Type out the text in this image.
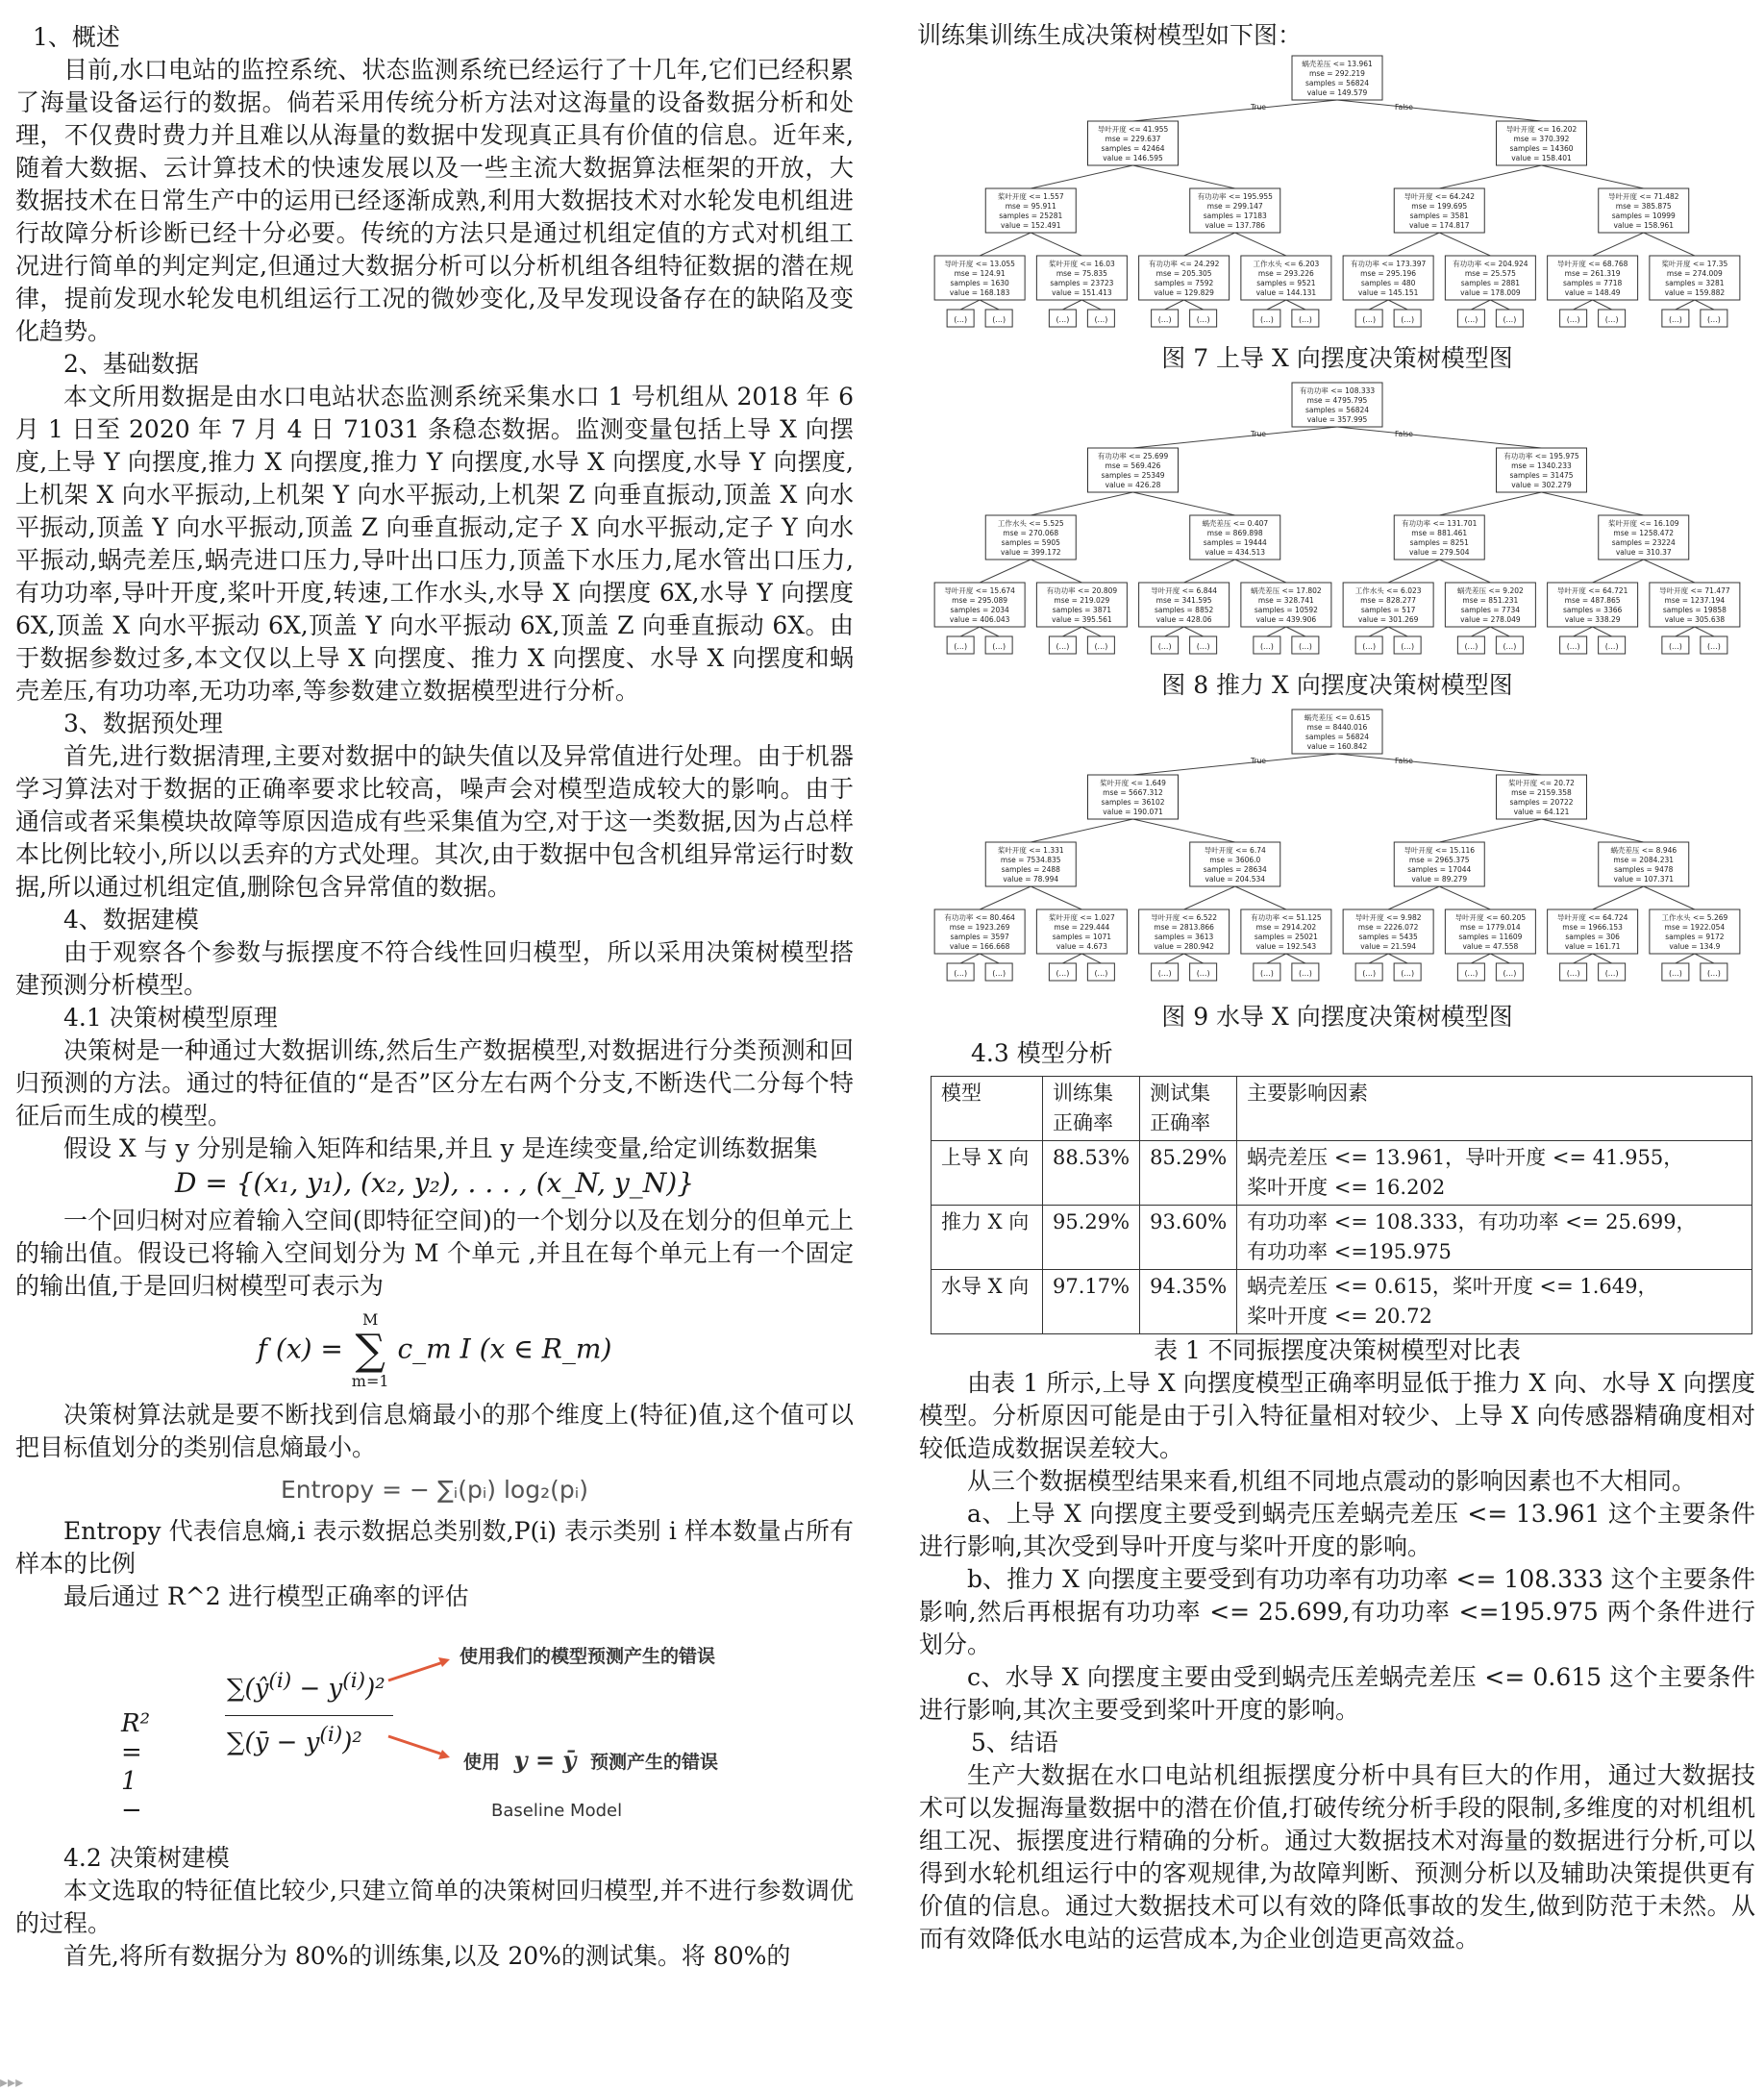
1、概述

目前,水口电站的监控系统、状态监测系统已经运行了十几年,它们已经积累了海量设备运行的数据。倘若采用传统分析方法对这海量的设备数据分析和处理，不仅费时费力并且难以从海量的数据中发现真正具有价值的信息。近年来,随着大数据、云计算技术的快速发展以及一些主流大数据算法框架的开放，大数据技术在日常生产中的运用已经逐渐成熟,利用大数据技术对水轮发电机组进行故障分析诊断已经十分必要。传统的方法只是通过机组定值的方式对机组工况进行简单的判定判定,但通过大数据分析可以分析机组各组特征数据的潜在规律，提前发现水轮发电机组运行工况的微妙变化,及早发现设备存在的缺陷及变化趋势。

2、基础数据

本文所用数据是由水口电站状态监测系统采集水口 1 号机组从 2018 年 6 月 1 日至 2020 年 7 月 4 日 71031 条稳态数据。监测变量包括上导 X 向摆度,上导 Y 向摆度,推力 X 向摆度,推力 Y 向摆度,水导 X 向摆度,水导 Y 向摆度,上机架 X 向水平振动,上机架 Y 向水平振动,上机架 Z 向垂直振动,顶盖 X 向水平振动,顶盖 Y 向水平振动,顶盖 Z 向垂直振动,定子 X 向水平振动,定子 Y 向水平振动,蜗壳差压,蜗壳进口压力,导叶出口压力,顶盖下水压力,尾水管出口压力,有功功率,导叶开度,桨叶开度,转速,工作水头,水导 X 向摆度 6X,水导 Y 向摆度 6X,顶盖 X 向水平振动 6X,顶盖 Y 向水平振动 6X,顶盖 Z 向垂直振动 6X。由于数据参数过多,本文仅以上导 X 向摆度、推力 X 向摆度、水导 X 向摆度和蜗壳差压,有功功率,无功功率,等参数建立数据模型进行分析。

3、数据预处理

首先,进行数据清理,主要对数据中的缺失值以及异常值进行处理。由于机器学习算法对于数据的正确率要求比较高，噪声会对模型造成较大的影响。由于通信或者采集模块故障等原因造成有些采集值为空,对于这一类数据,因为占总样本比例比较小,所以以丢弃的方式处理。其次,由于数据中包含机组异常运行时数据,所以通过机组定值,删除包含异常值的数据。

4、数据建模

由于观察各个参数与振摆度不符合线性回归模型，所以采用决策树模型搭建预测分析模型。

4.1 决策树模型原理

决策树是一种通过大数据训练,然后生产数据模型,对数据进行分类预测和回归预测的方法。通过的特征值的“是否”区分左右两个分支,不断迭代二分每个特征后而生成的模型。

假设 X 与 y 分别是输入矩阵和结果,并且 y 是连续变量,给定训练数据集

D = {(x₁, y₁), (x₂, y₂), . . . , (x_N, y_N)}

一个回归树对应着输入空间(即特征空间)的一个划分以及在划分的但单元上的输出值。假设已将输入空间划分为 M 个单元 ,并且在每个单元上有一个固定的输出值,于是回归树模型可表示为

f (x) =
M
∑
m=1
c_m I (x ∈ R_m)

决策树算法就是要不断找到信息熵最小的那个维度上(特征)值,这个值可以把目标值划分的类别信息熵最小。

Entropy = − ∑ᵢ(pᵢ) log₂(pᵢ)

Entropy 代表信息熵,i 表示数据总类别数,P(i) 表示类别 i 样本数量占所有样本的比例

最后通过 R^2 进行模型正确率的评估

R² = 1 −
$\sum(ŷ^{(i)} - y^{(i)})^2$
∑(ȳ − $y^{(i)})^2$
使用我们的模型预测产生的错误
使用 y = ȳ 预测产生的错误
Baseline Model

4.2 决策树建模

本文选取的特征值比较少,只建立简单的决策树回归模型,并不进行参数调优的过程。

首先,将所有数据分为 80%的训练集,以及 20%的测试集。将 80%的

训练集训练生成决策树模型如下图：

(...)	(...)	(...)	(...)	(...)	(...)	(...)	(...)	(...)	(...)	(...)	(...)	(...)	(...)	(...)	(...)
蜗壳差压 <= 13.961
mse = 292.219
samples = 56824
value = 149.579
导叶开度 <= 41.955
mse = 229.637
samples = 42464
value = 146.595
导叶开度 <= 16.202
mse = 370.392
samples = 14360
value = 158.401
桨叶开度 <= 1.557
mse = 95.911
samples = 25281
value = 152.491
有功功率 <= 195.955
mse = 299.147
samples = 17183
value = 137.786
导叶开度 <= 64.242
mse = 199.695
samples = 3581
value = 174.817
导叶开度 <= 71.482
mse = 385.875
samples = 10999
value = 158.961
导叶开度 <= 13.055
mse = 124.91
samples = 1630
value = 168.183
桨叶开度 <= 16.03
mse = 75.835
samples = 23723
value = 151.413
有功功率 <= 24.292
mse = 205.305
samples = 7592
value = 129.829
工作水头 <= 6.203
mse = 293.226
samples = 9521
value = 144.131
有功功率 <= 173.397
mse = 295.196
samples = 480
value = 145.151
有功功率 <= 204.924
mse = 25.575
samples = 2881
value = 178.009
导叶开度 <= 68.768
mse = 261.319
samples = 7718
value = 148.49
桨叶开度 <= 17.35
mse = 274.009
samples = 3281
value = 159.882
True	False

图 7 上导 X 向摆度决策树模型图

(...)	(...)	(...)	(...)	(...)	(...)	(...)	(...)	(...)	(...)	(...)	(...)	(...)	(...)	(...)	(...)
有功功率 <= 108.333
mse = 4795.795
samples = 56824
value = 357.995
有功功率 <= 25.699
mse = 569.426
samples = 25349
value = 426.28
有功功率 <= 195.975
mse = 1340.233
samples = 31475
value = 302.279
工作水头 <= 5.525
mse = 270.068
samples = 5905
value = 399.172
蜗壳差压 <= 0.407
mse = 869.898
samples = 19444
value = 434.513
有功功率 <= 131.701
mse = 881.461
samples = 8251
value = 279.504
桨叶开度 <= 16.109
mse = 1258.472
samples = 23224
value = 310.37
导叶开度 <= 15.674
mse = 295.089
samples = 2034
value = 406.043
有功功率 <= 20.809
mse = 219.029
samples = 3871
value = 395.561
导叶开度 <= 6.844
mse = 341.595
samples = 8852
value = 428.06
蜗壳差压 <= 17.802
mse = 328.741
samples = 10592
value = 439.906
工作水头 <= 6.023
mse = 828.277
samples = 517
value = 301.269
蜗壳差压 <= 9.202
mse = 851.231
samples = 7734
value = 278.049
导叶开度 <= 64.721
mse = 487.865
samples = 3366
value = 338.29
导叶开度 <= 71.477
mse = 1237.194
samples = 19858
value = 305.638
True	False

图 8 推力 X 向摆度决策树模型图

(...)	(...)	(...)	(...)	(...)	(...)	(...)	(...)	(...)	(...)	(...)	(...)	(...)	(...)	(...)	(...)
蜗壳差压 <= 0.615
mse = 8440.016
samples = 56824
value = 160.842
桨叶开度 <= 1.649
mse = 5667.312
samples = 36102
value = 190.071
桨叶开度 <= 20.72
mse = 2159.358
samples = 20722
value = 64.121
桨叶开度 <= 1.331
mse = 7534.835
samples = 2488
value = 78.994
导叶开度 <= 6.74
mse = 3606.0
samples = 28634
value = 204.534
导叶开度 <= 15.116
mse = 2965.375
samples = 17044
value = 89.279
蜗壳差压 <= 8.946
mse = 2084.231
samples = 9478
value = 107.371
有功功率 <= 80.464
mse = 1923.269
samples = 3597
value = 166.668
桨叶开度 <= 1.027
mse = 229.444
samples = 1071
value = 4.673
导叶开度 <= 6.522
mse = 2813.866
samples = 3613
value = 280.942
有功功率 <= 51.125
mse = 2914.202
samples = 25021
value = 192.543
导叶开度 <= 9.982
mse = 2226.072
samples = 5435
value = 21.594
导叶开度 <= 60.205
mse = 1779.014
samples = 11609
value = 47.558
导叶开度 <= 64.724
mse = 1966.153
samples = 306
value = 161.71
工作水头 <= 5.269
mse = 1922.054
samples = 9172
value = 134.9
True	False

图 9 水导 X 向摆度决策树模型图

4.3 模型分析

模型	训练集正确率	测试集正确率	主要影响因素
上导 X 向	88.53%	85.29%	蜗壳差压 <= 13.961，导叶开度 <= 41.955，
桨叶开度 <= 16.202

推力 X 向	95.29%	93.60%	有功功率 <= 108.333，有功功率 <= 25.699，
有功功率 <=195.975

水导 X 向	97.17%	94.35%	蜗壳差压 <= 0.615，桨叶开度 <= 1.649，
桨叶开度 <= 20.72

表 1 不同振摆度决策树模型对比表

由表 1 所示,上导 X 向摆度模型正确率明显低于推力 X 向、水导 X 向摆度模型。分析原因可能是由于引入特征量相对较少、上导 X 向传感器精确度相对较低造成数据误差较大。

从三个数据模型结果来看,机组不同地点震动的影响因素也不大相同。

a、上导 X 向摆度主要受到蜗壳压差蜗壳差压 <= 13.961 这个主要条件进行影响,其次受到导叶开度与桨叶开度的影响。

b、推力 X 向摆度主要受到有功功率有功功率 <= 108.333 这个主要条件影响,然后再根据有功功率 <= 25.699,有功功率 <=195.975 两个条件进行划分。

c、水导 X 向摆度主要由受到蜗壳压差蜗壳差压 <= 0.615 这个主要条件进行影响,其次主要受到桨叶开度的影响。

5、结语

生产大数据在水口电站机组振摆度分析中具有巨大的作用，通过大数据技术可以发掘海量数据中的潜在价值,打破传统分析手段的限制,多维度的对机组机组工况、振摆度进行精确的分析。通过大数据技术对海量的数据进行分析,可以得到水轮机组运行中的客观规律,为故障判断、预测分析以及辅助决策提供更有价值的信息。通过大数据技术可以有效的降低事故的发生,做到防范于未然。从而有效降低水电站的运营成本,为企业创造更高效益。

▸▸▸
